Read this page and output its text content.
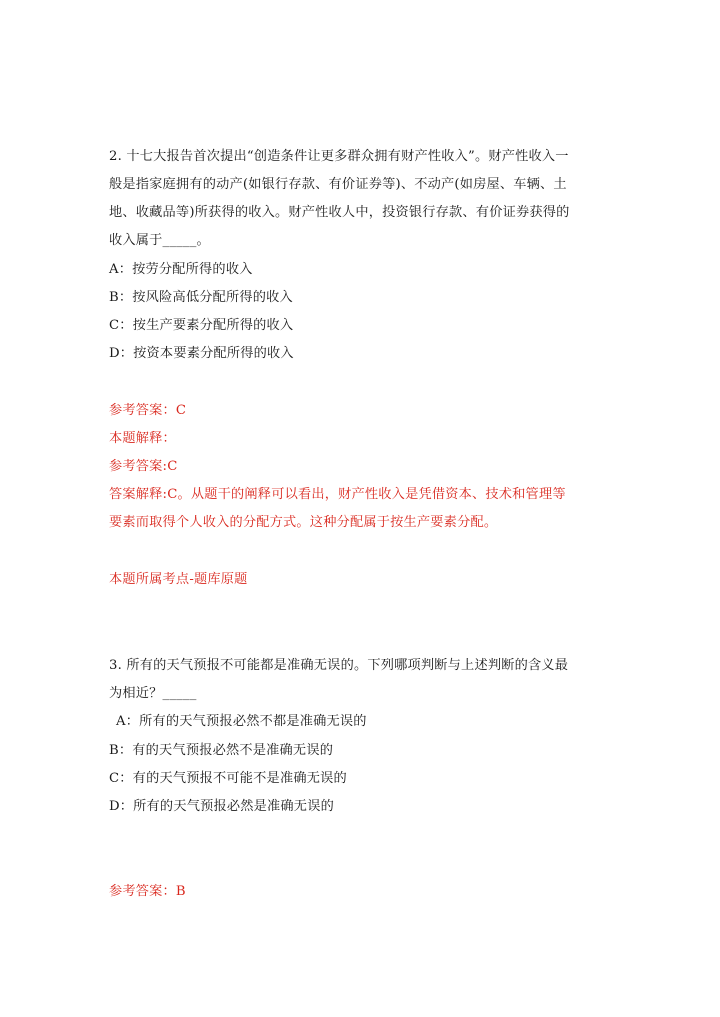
2. 十七大报告首次提出“创造条件让更多群众拥有财产性收入”。财产性收入一
般是指家庭拥有的动产(如银行存款、有价证券等)、不动产(如房屋、车辆、土
地、收藏品等)所获得的收入。财产性收人中，投资银行存款、有价证券获得的
收入属于_____。
A：按劳分配所得的收入
B：按风险高低分配所得的收入
C：按生产要素分配所得的收入
D：按资本要素分配所得的收入
参考答案：C
本题解释：
参考答案:C
答案解释:C。从题干的阐释可以看出，财产性收入是凭借资本、技术和管理等
要素而取得个人收入的分配方式。这种分配属于按生产要素分配。
本题所属考点-题库原题
3. 所有的天气预报不可能都是准确无误的。下列哪项判断与上述判断的含义最
为相近？_____
A：所有的天气预报必然不都是准确无误的
B：有的天气预报必然不是准确无误的
C：有的天气预报不可能不是准确无误的
D：所有的天气预报必然是准确无误的
参考答案：B
